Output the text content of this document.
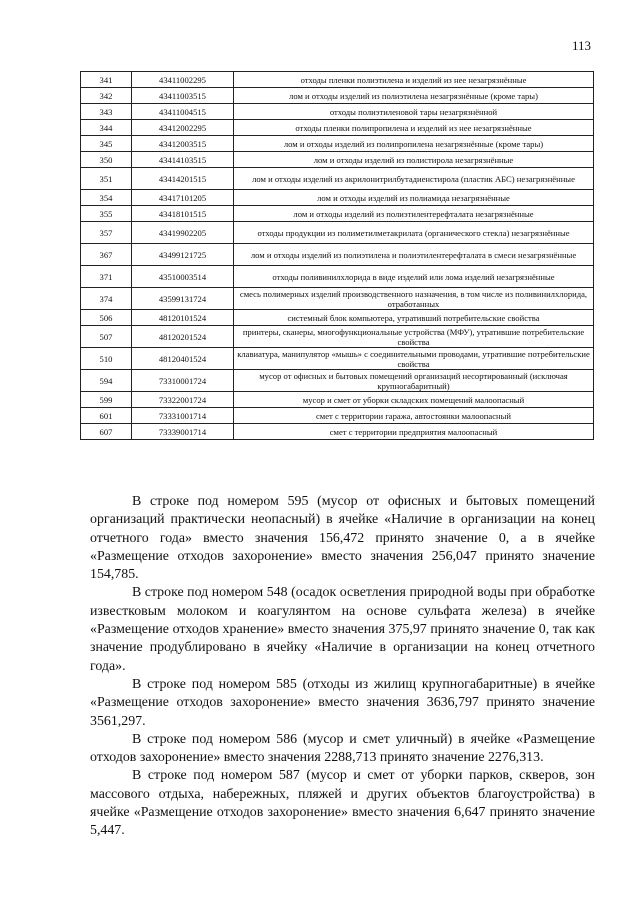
113
341	43411002295	отходы пленки полиэтилена и изделий из нее незагрязнённые
342	43411003515	лом и отходы изделий из полиэтилена незагрязнённые (кроме тары)
343	43411004515	отходы полиэтиленовой тары незагрязнённой
344	43412002295	отходы пленки полипропилена и изделий из нее незагрязнённые
345	43412003515	лом и отходы изделий из полипропилена незагрязнённые (кроме тары)
350	43414103515	лом и отходы изделий из полистирола незагрязнённые
351	43414201515	лом и отходы изделий из акрилонитрилбутадиенстирола (пластик АБС) незагрязнённые
354	43417101205	лом и отходы изделий из полиамида незагрязнённые
355	43418101515	лом и отходы изделий из полиэтилентерефталата незагрязнённые
357	43419902205	отходы продукции из полиметилметакрилата (органического стекла) незагрязнённые
367	43499121725	лом и отходы изделий из полиэтилена и полиэтилентерефталата в смеси незагрязнённые
371	43510003514	отходы поливинилхлорида в виде изделий или лома изделий незагрязнённые
374	43599131724	смесь полимерных изделий производственного назначения, в том числе из поливинилхлорида, отработанных
506	48120101524	системный блок компьютера, утративший потребительские свойства
507	48120201524	принтеры, сканеры, многофункциональные устройства (МФУ), утратившие потребительские свойства
510	48120401524	клавиатура, манипулятор «мышь» с соединительными проводами, утратившие потребительские свойства
594	73310001724	мусор от офисных и бытовых помещений организаций несортированный (исключая крупногабаритный)
599	73322001724	мусор и смет от уборки складских помещений малоопасный
601	73331001714	смет с территории гаража, автостоянки малоопасный
607	73339001714	смет с территории предприятия малоопасный

В строке под номером 595 (мусор от офисных и бытовых помещений организаций практически неопасный) в ячейке «Наличие в организации на конец отчетного года» вместо значения 156,472 принято значение 0, а в ячейке «Размещение отходов захоронение» вместо значения 256,047 принято значение 154,785.

В строке под номером 548 (осадок осветления природной воды при обработке известковым молоком и коагулянтом на основе сульфата железа) в ячейке «Размещение отходов хранение» вместо значения 375,97 принято значение 0, так как значение продублировано в ячейку «Наличие в организации на конец отчетного года».

В строке под номером 585 (отходы из жилищ крупногабаритные) в ячейке «Размещение отходов захоронение» вместо значения 3636,797 принято значение 3561,297.

В строке под номером 586 (мусор и смет уличный) в ячейке «Размещение отходов захоронение» вместо значения 2288,713 принято значение 2276,313.

В строке под номером 587 (мусор и смет от уборки парков, скверов, зон массового отдыха, набережных, пляжей и других объектов благоустройства) в ячейке «Размещение отходов захоронение» вместо значения 6,647 принято значение 5,447.
